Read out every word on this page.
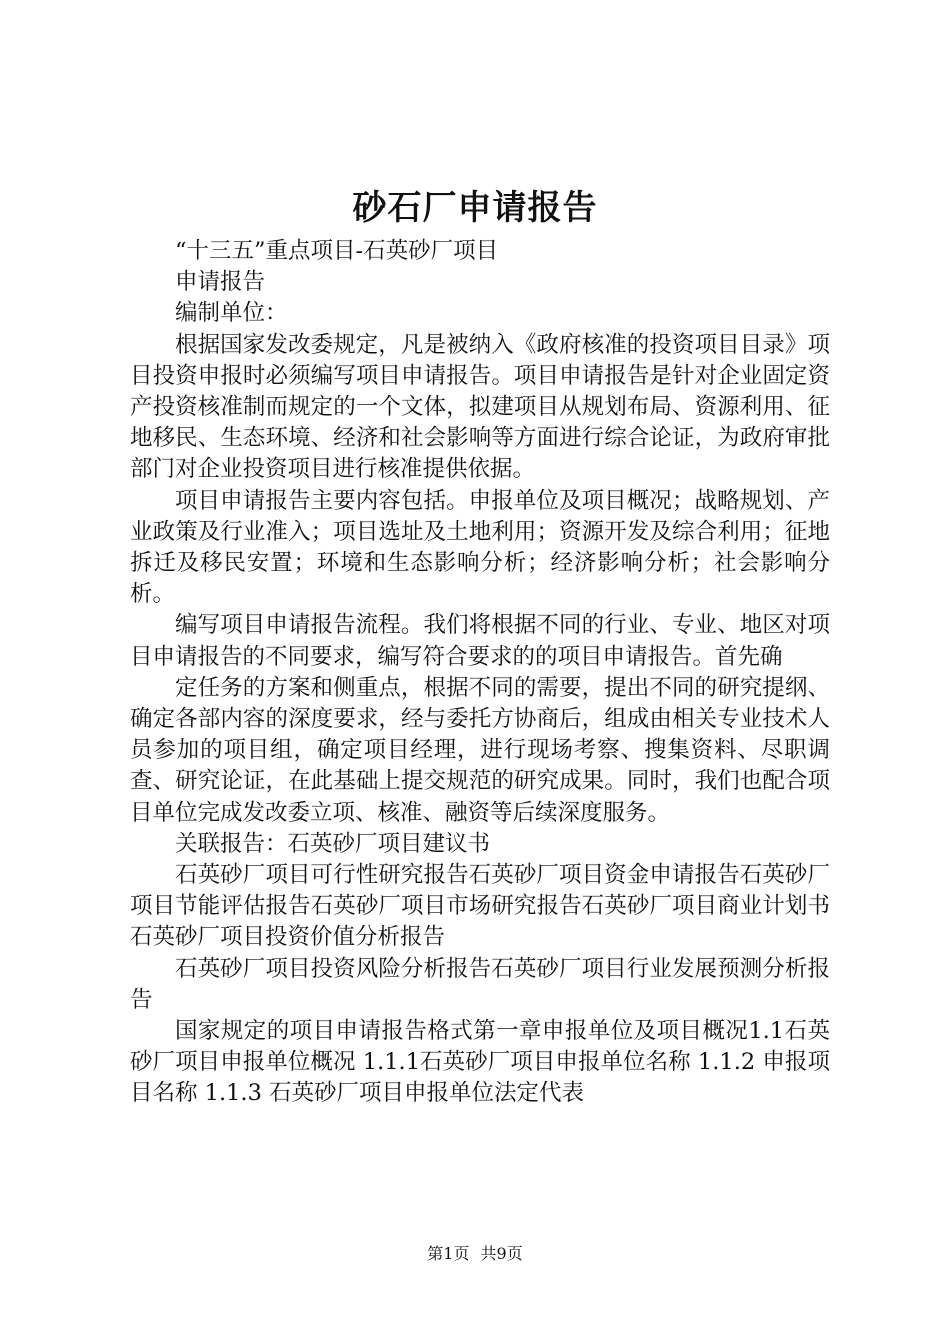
砂石厂申请报告

“十三五”重点项目-石英砂厂项目

申请报告

编制单位：

根据国家发改委规定，凡是被纳入《政府核准的投资项目目录》项目投资申报时必须编写项目申请报告。项目申请报告是针对企业固定资产投资核准制而规定的一个文体，拟建项目从规划布局、资源利用、征地移民、生态环境、经济和社会影响等方面进行综合论证，为政府审批部门对企业投资项目进行核准提供依据。

项目申请报告主要内容包括。申报单位及项目概况；战略规划、产业政策及行业准入；项目选址及土地利用；资源开发及综合利用；征地拆迁及移民安置；环境和生态影响分析；经济影响分析；社会影响分析。

编写项目申请报告流程。我们将根据不同的行业、专业、地区对项目申请报告的不同要求，编写符合要求的的项目申请报告。首先确

定任务的方案和侧重点，根据不同的需要，提出不同的研究提纲、确定各部内容的深度要求，经与委托方协商后，组成由相关专业技术人员参加的项目组，确定项目经理，进行现场考察、搜集资料、尽职调查、研究论证，在此基础上提交规范的研究成果。同时，我们也配合项目单位完成发改委立项、核准、融资等后续深度服务。

关联报告：石英砂厂项目建议书

石英砂厂项目可行性研究报告石英砂厂项目资金申请报告石英砂厂项目节能评估报告石英砂厂项目市场研究报告石英砂厂项目商业计划书石英砂厂项目投资价值分析报告

石英砂厂项目投资风险分析报告石英砂厂项目行业发展预测分析报告

国家规定的项目申请报告格式第一章申报单位及项目概况1.1石英砂厂项目申报单位概况 1.1.1石英砂厂项目申报单位名称 1.1.2 申报项目名称 1.1.3 石英砂厂项目申报单位法定代表

第1页 共9页
